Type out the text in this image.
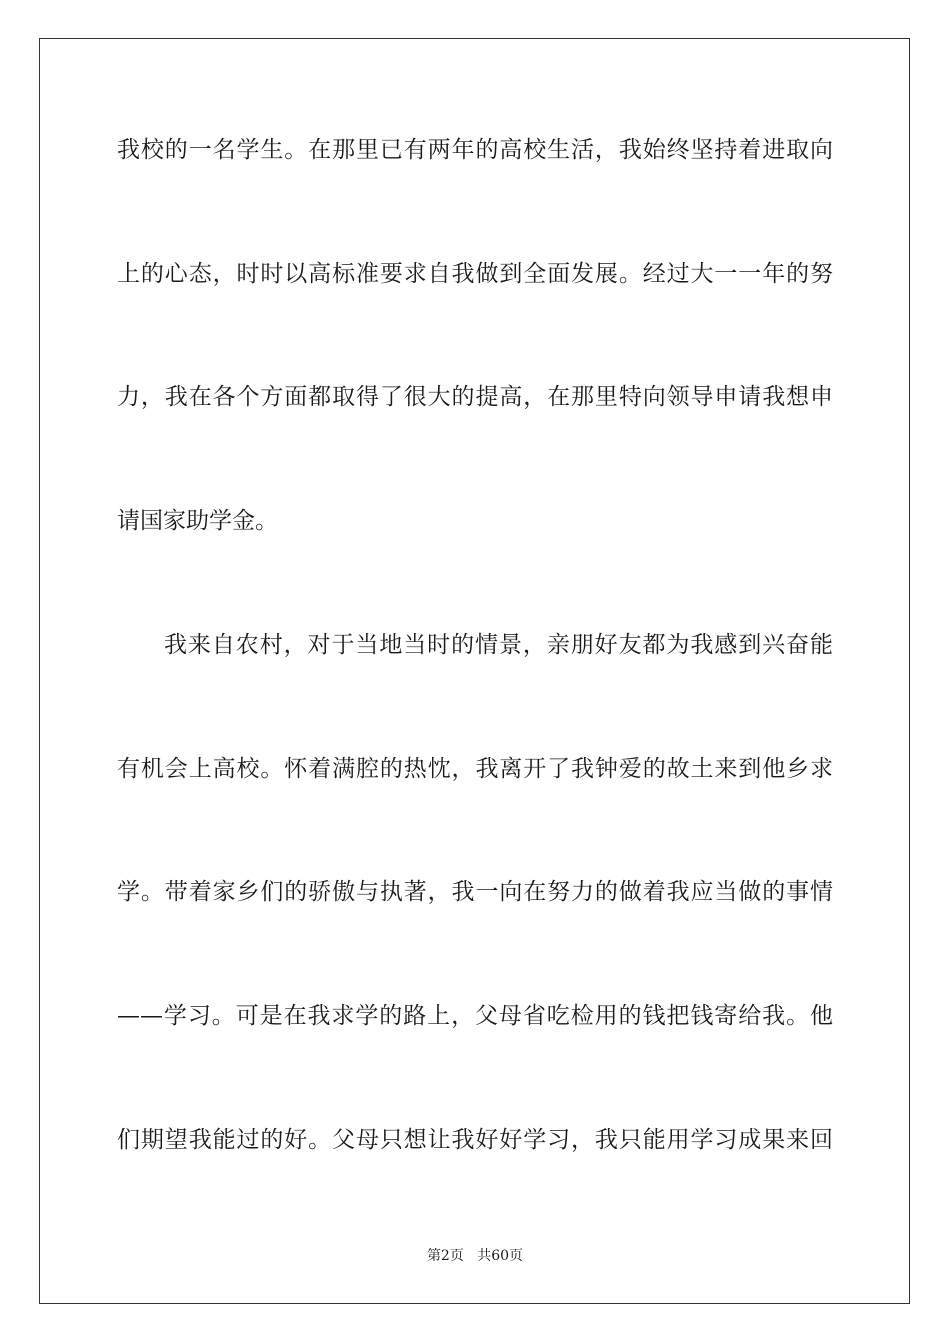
我校的一名学生。在那里已有两年的高校生活，我始终坚持着进取向
上的心态，时时以高标准要求自我做到全面发展。经过大一一年的努
力，我在各个方面都取得了很大的提高，在那里特向领导申请我想申
请国家助学金。
我来自农村，对于当地当时的情景，亲朋好友都为我感到兴奋能
有机会上高校。怀着满腔的热忱，我离开了我钟爱的故土来到他乡求
学。带着家乡们的骄傲与执著，我一向在努力的做着我应当做的事情
——学习。可是在我求学的路上，父母省吃检用的钱把钱寄给我。他
们期望我能过的好。父母只想让我好好学习，我只能用学习成果来回
第2页 共60页
